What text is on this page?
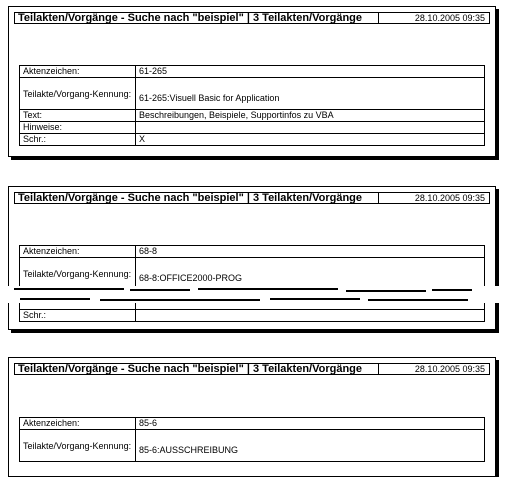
Teilakten/Vorgänge - Suche nach "beispiel" | 3 Teilakten/Vorgänge	28.10.2005 09:35
Aktenzeichen:	61-265
Teilakte/Vorgang-Kennung:	61-265:Visuell Basic for Application
Text:	Beschreibungen, Beispiele, Supportinfos zu VBA
Hinweise:	
Schr.:	X
Teilakten/Vorgänge - Suche nach "beispiel" | 3 Teilakten/Vorgänge	28.10.2005 09:35
Aktenzeichen:	68-8
Teilakte/Vorgang-Kennung:	68-8:OFFICE2000-PROG

Schr.:	
Teilakten/Vorgänge - Suche nach "beispiel" | 3 Teilakten/Vorgänge	28.10.2005 09:35
Aktenzeichen:	85-6
Teilakte/Vorgang-Kennung:	85-6:AUSSCHREIBUNG
